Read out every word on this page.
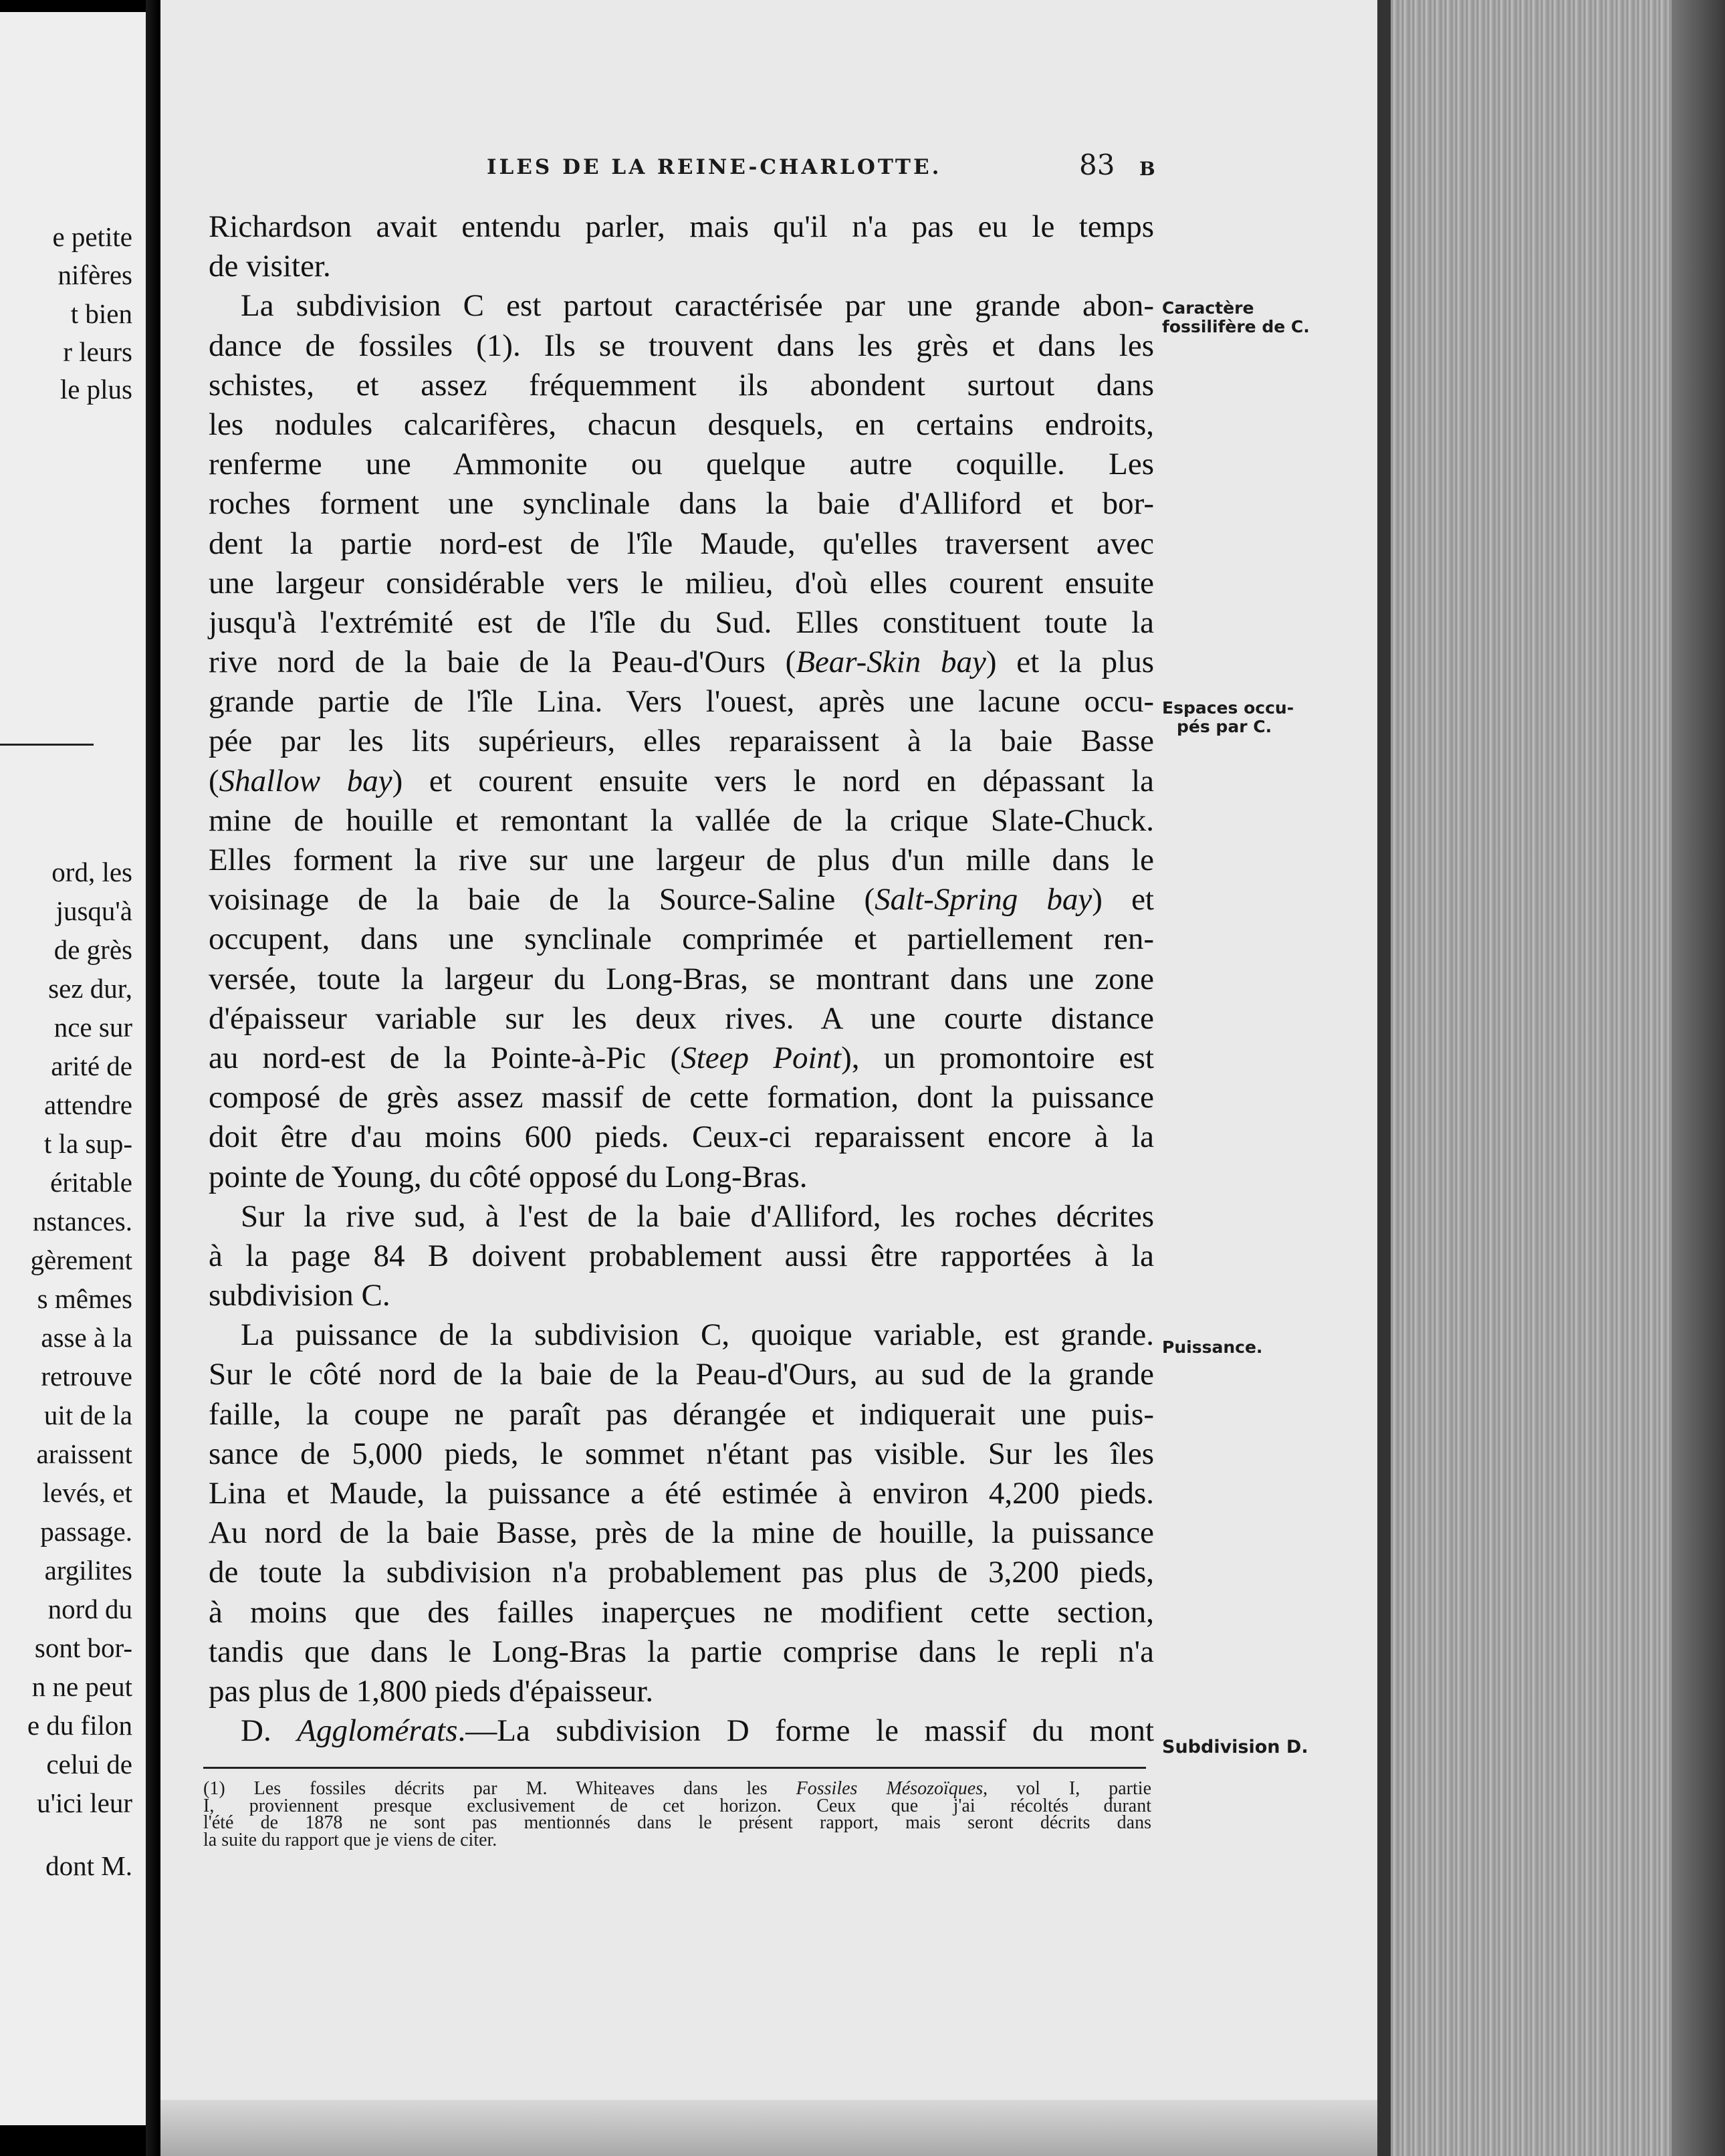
e petite
nifères
t bien
r leurs
le plus
ord, les
jusqu'à
de grès
sez dur,
nce sur
arité de
attendre
t la sup-
éritable
nstances.
gèrement
s mêmes
asse à la
retrouve
uit de la
araissent
levés, et
passage.
argilites
nord du
sont bor-
n ne peut
e du filon
celui de
u'ici leur
dont M.
ILES DE LA REINE-CHARLOTTE.	83 B
Richardson avait entendu parler, mais qu'il n'a pas eu le temps
de visiter.
La subdivision C est partout caractérisée par une grande abon-
dance de fossiles (1). Ils se trouvent dans les grès et dans les
schistes, et assez fréquemment ils abondent surtout dans
les nodules calcarifères, chacun desquels, en certains endroits,
renferme une Ammonite ou quelque autre coquille. Les
roches forment une synclinale dans la baie d'Alliford et bor-
dent la partie nord-est de l'île Maude, qu'elles traversent avec
une largeur considérable vers le milieu, d'où elles courent ensuite
jusqu'à l'extrémité est de l'île du Sud. Elles constituent toute la
rive nord de la baie de la Peau-d'Ours (Bear-Skin bay) et la plus
grande partie de l'île Lina. Vers l'ouest, après une lacune occu-
pée par les lits supérieurs, elles reparaissent à la baie Basse
(Shallow bay) et courent ensuite vers le nord en dépassant la
mine de houille et remontant la vallée de la crique Slate-Chuck.
Elles forment la rive sur une largeur de plus d'un mille dans le
voisinage de la baie de la Source-Saline (Salt-Spring bay) et
occupent, dans une synclinale comprimée et partiellement ren-
versée, toute la largeur du Long-Bras, se montrant dans une zone
d'épaisseur variable sur les deux rives. A une courte distance
au nord-est de la Pointe-à-Pic (Steep Point), un promontoire est
composé de grès assez massif de cette formation, dont la puissance
doit être d'au moins 600 pieds. Ceux-ci reparaissent encore à la
pointe de Young, du côté opposé du Long-Bras.
Sur la rive sud, à l'est de la baie d'Alliford, les roches décrites
à la page 84 B doivent probablement aussi être rapportées à la
subdivision C.
La puissance de la subdivision C, quoique variable, est grande.
Sur le côté nord de la baie de la Peau-d'Ours, au sud de la grande
faille, la coupe ne paraît pas dérangée et indiquerait une puis-
sance de 5,000 pieds, le sommet n'étant pas visible. Sur les îles
Lina et Maude, la puissance a été estimée à environ 4,200 pieds.
Au nord de la baie Basse, près de la mine de houille, la puissance
de toute la subdivision n'a probablement pas plus de 3,200 pieds,
à moins que des failles inaperçues ne modifient cette section,
tandis que dans le Long-Bras la partie comprise dans le repli n'a
pas plus de 1,800 pieds d'épaisseur.
D. Agglomérats.—La subdivision D forme le massif du mont
Caractère
fossilifère de C.
Espaces occu-
pés par C.
Puissance.
Subdivision D.
(1) Les fossiles décrits par M. Whiteaves dans les Fossiles Mésozoïques, vol I, partie
I, proviennent presque exclusivement de cet horizon. Ceux que j'ai récoltés durant
l'été de 1878 ne sont pas mentionnés dans le présent rapport, mais seront décrits dans
la suite du rapport que je viens de citer.
